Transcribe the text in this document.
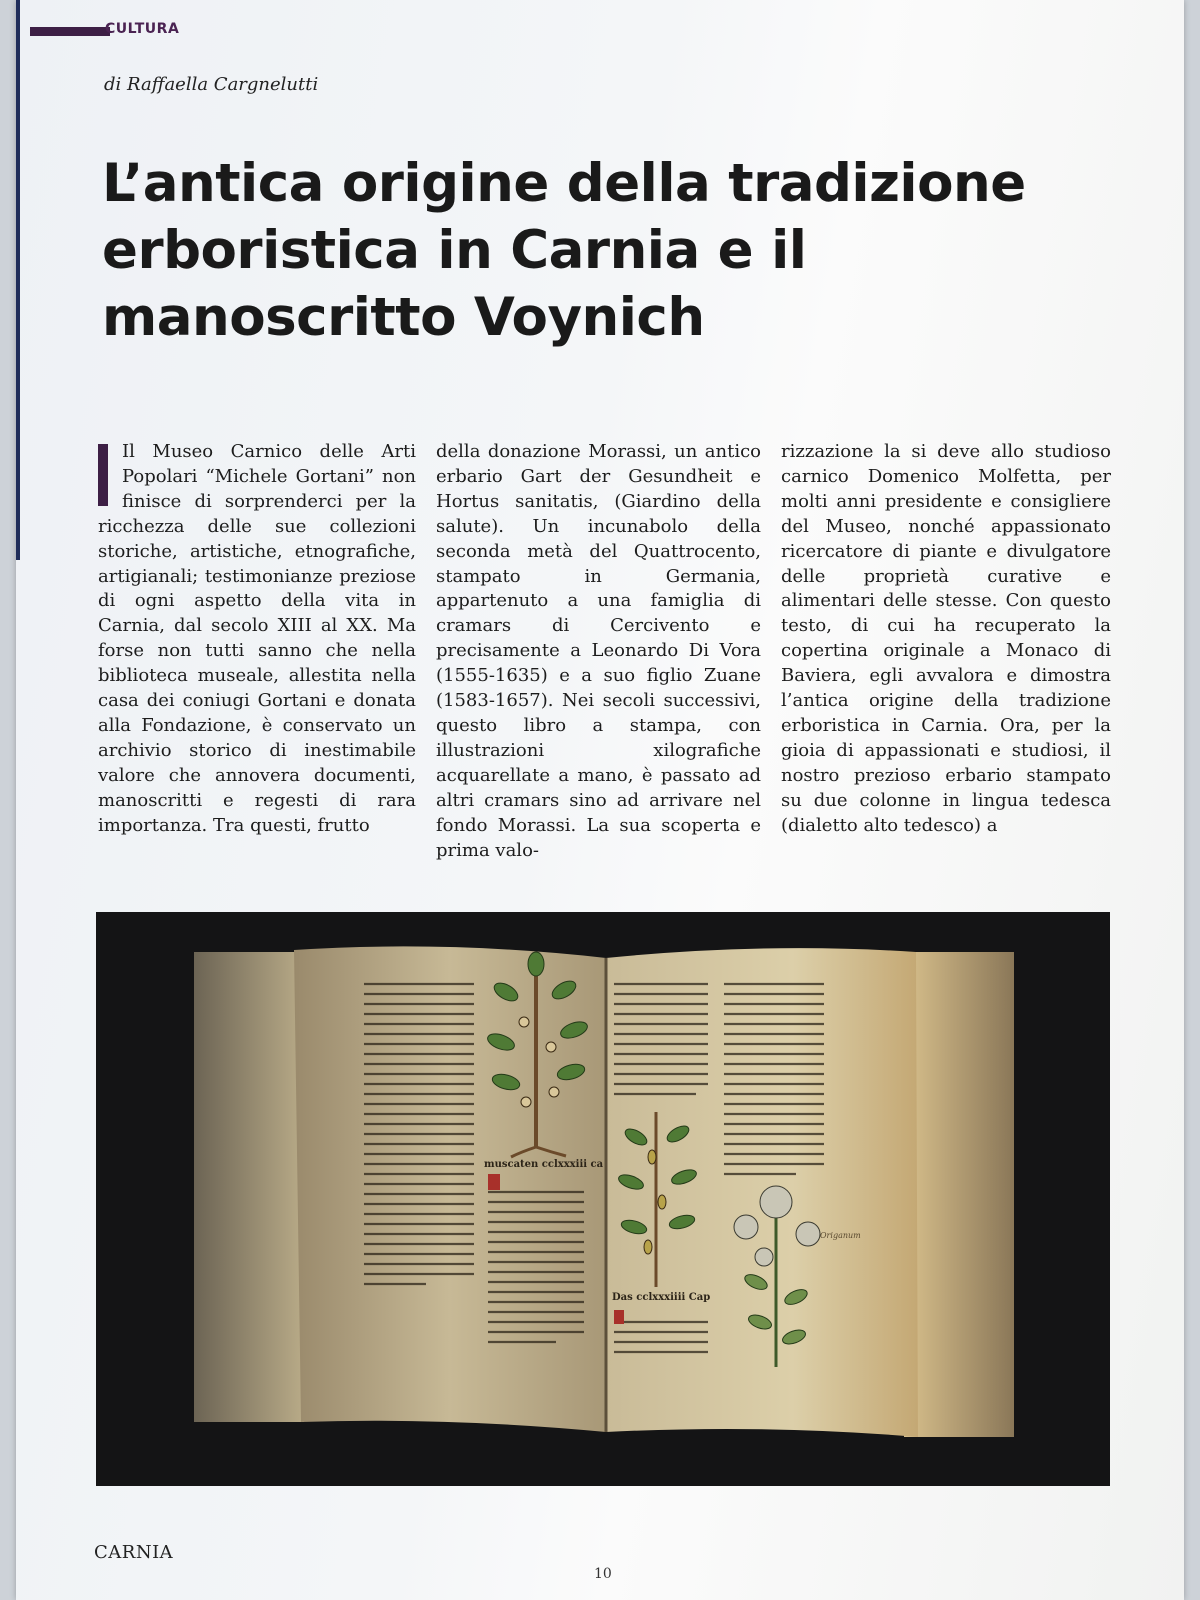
CULTURA
di Raffaella Cargnelutti
L’antica origine della tradizione erboristica in Carnia e il manoscritto Voynich
Il Museo Carnico delle Arti Popolari “Michele Gortani” non finisce di sorprenderci per la ricchezza delle sue collezioni storiche, artistiche, etnografiche, artigianali; testimonianze preziose di ogni aspetto della vita in Carnia, dal secolo XIII al XX. Ma forse non tutti sanno che nella biblioteca museale, allestita nella casa dei coniugi Gortani e donata alla Fondazione, è conservato un archivio storico di inestimabile valore che annovera documenti, manoscritti e regesti di rara importanza. Tra questi, frutto
della donazione Morassi, un antico erbario Gart der Gesundheit e Hortus sanitatis, (Giardino della salute). Un incunabolo della seconda metà del Quattrocento, stampato in Germania, appartenuto a una famiglia di cramars di Cercivento e precisamente a Leonardo Di Vora (1555-1635) e a suo figlio Zuane (1583-1657). Nei secoli successivi, questo libro a stampa, con illustrazioni xilografiche acquarellate a mano, è passato ad altri cramars sino ad arrivare nel fondo Morassi. La sua scoperta e prima valo-
rizzazione la si deve allo studioso carnico Domenico Molfetta, per molti anni presidente e consigliere del Museo, nonché appassionato ricercatore di piante e divulgatore delle proprietà curative e alimentari delle stesse. Con questo testo, di cui ha recuperato la copertina originale a Monaco di Baviera, egli avvalora e dimostra l’antica origine della tradizione erboristica in Carnia. Ora, per la gioia di appassionati e studiosi, il nostro prezioso erbario stampato su due colonne in lingua tedesca (dialetto alto tedesco) a
muscaten cclxxxiii ca
Das cclxxxiiii Cap
Origanum
CARNIA
10
